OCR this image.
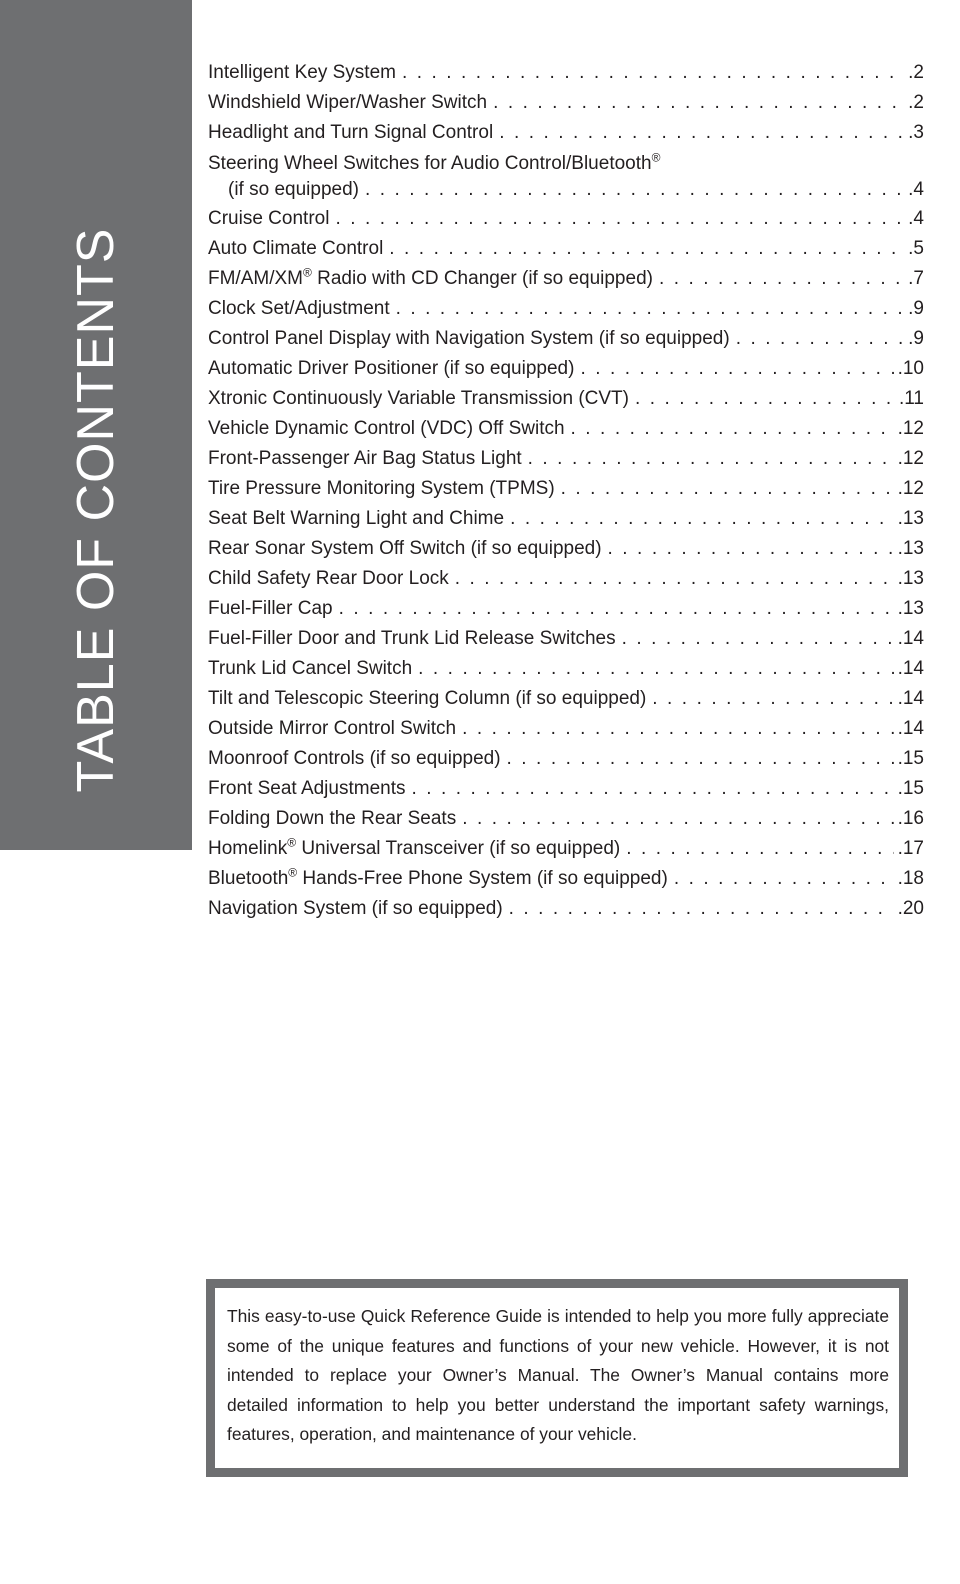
TABLE OF CONTENTS
Intelligent Key System . . .	.2
Windshield Wiper/Washer Switch . . .	.2
Headlight and Turn Signal Control . . .	.3
Steering Wheel Switches for Audio Control/Bluetooth®
(if so equipped) . . .	.4
Cruise Control . . .	.4
Auto Climate Control . . .	.5
FM/AM/XM® Radio with CD Changer (if so equipped) . . .	.7
Clock Set/Adjustment . . .	.9
Control Panel Display with Navigation System (if so equipped) . . .	.9
Automatic Driver Positioner (if so equipped) . . .	.10
Xtronic Continuously Variable Transmission (CVT) . . .	.11
Vehicle Dynamic Control (VDC) Off Switch . . .	.12
Front-Passenger Air Bag Status Light . . .	.12
Tire Pressure Monitoring System (TPMS) . . .	.12
Seat Belt Warning Light and Chime . . .	.13
Rear Sonar System Off Switch (if so equipped) . . .	.13
Child Safety Rear Door Lock . . .	.13
Fuel-Filler Cap . . .	.13
Fuel-Filler Door and Trunk Lid Release Switches . . .	.14
Trunk Lid Cancel Switch . . .	.14
Tilt and Telescopic Steering Column (if so equipped) . . .	.14
Outside Mirror Control Switch . . .	.14
Moonroof Controls (if so equipped) . . .	.15
Front Seat Adjustments . . .	.15
Folding Down the Rear Seats . . .	.16
Homelink® Universal Transceiver (if so equipped) . . .	.17
Bluetooth® Hands-Free Phone System (if so equipped) . . .	.18
Navigation System (if so equipped) . . .	.20

This easy-to-use Quick Reference Guide is intended to help you more fully appreciate some of the unique features and functions of your new vehicle. However, it is not intended to replace your Owner’s Manual. The Owner’s Manual contains more detailed information to help you better understand the important safety warnings, features, operation, and maintenance of your vehicle.
